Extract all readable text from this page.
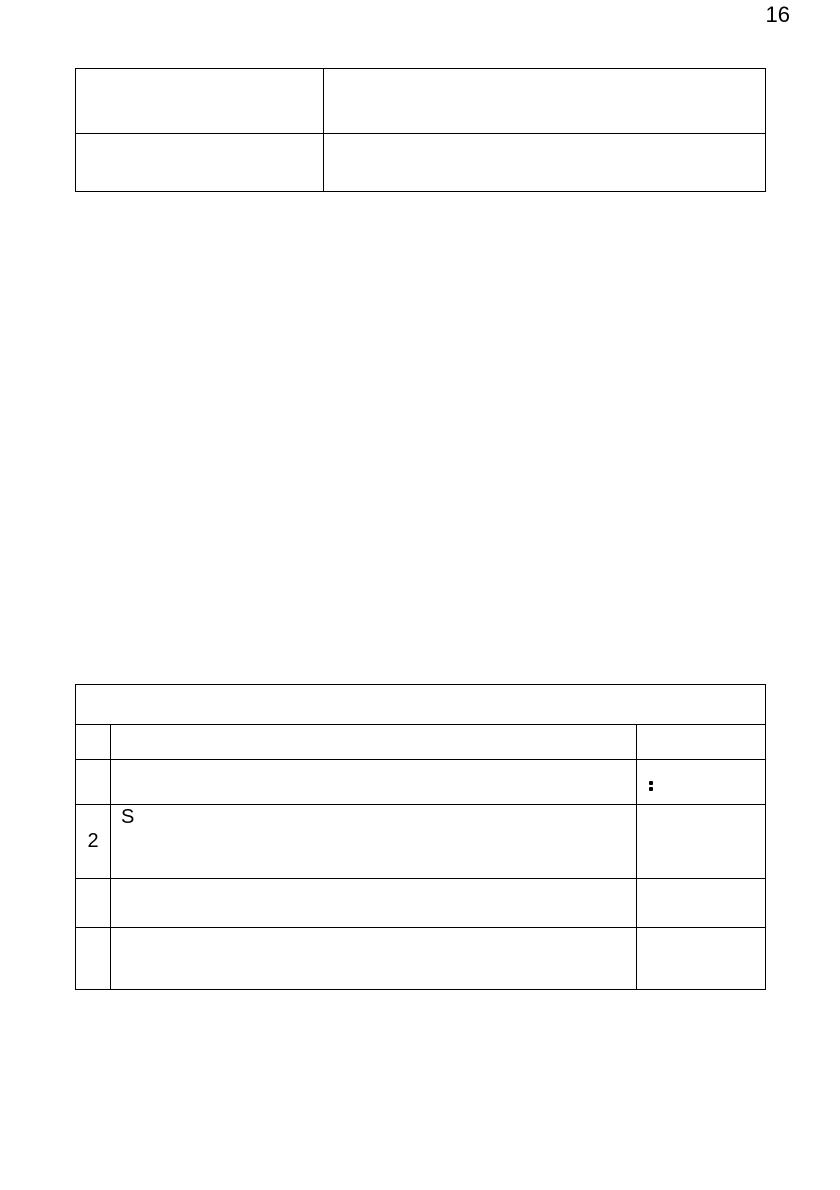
16

2	S	
